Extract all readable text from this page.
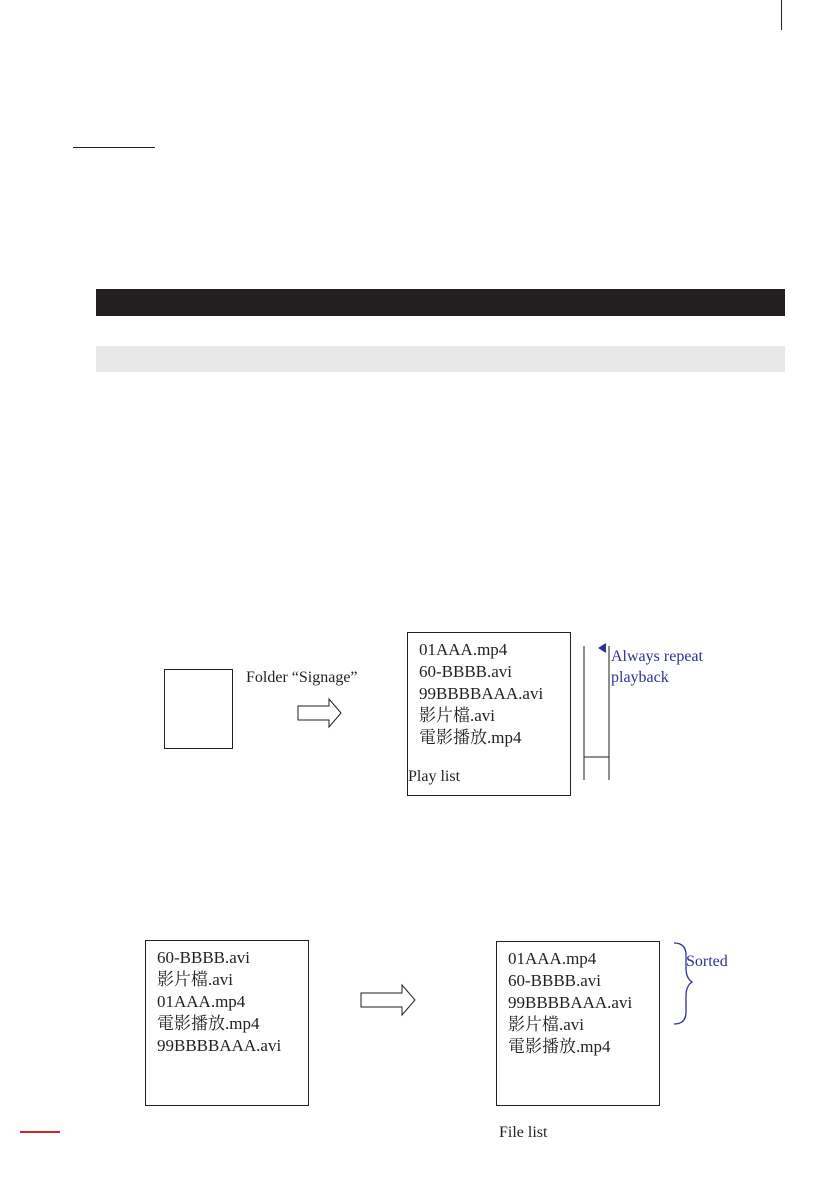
Folder “Signage”
01AAA.mp4
60-BBBB.avi
99BBBBAAA.avi
影片檔.avi
電影播放.mp4
Play list
Always repeat
playback
60-BBBB.avi
影片檔.avi
01AAA.mp4
電影播放.mp4
99BBBBAAA.avi
01AAA.mp4
60-BBBB.avi
99BBBBAAA.avi
影片檔.avi
電影播放.mp4
Sorted
File list
